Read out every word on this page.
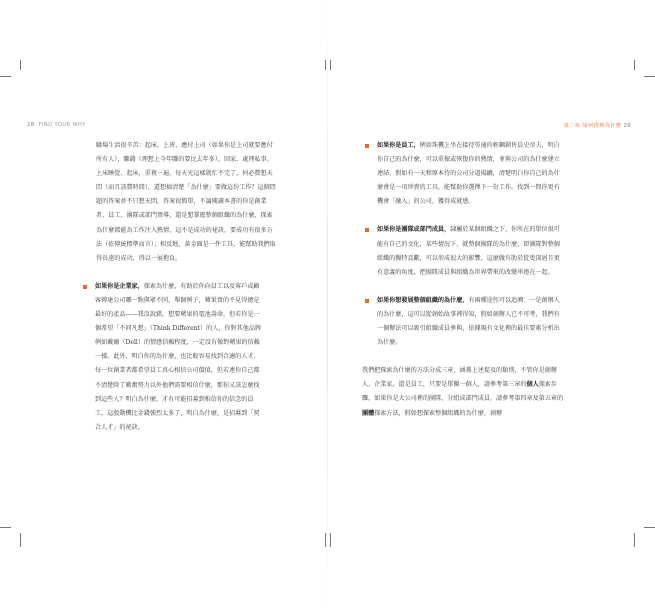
28 FIND YOUR WHY

職場生活很辛苦：起床、上班、應付上司（如果你是上司就要應付所有人），賺錢（理想上今年賺的要比去年多），回家、處理私事、上床睡覺、起床，重複一遍。每天光這樣就忙不完了，何必費想天問（而且該費時間），還想搞清楚「為什麼」要做這份工作？這個問題的答案並不只想天問，答案很簡單，不論閱讀本書的你是創業者、員工、團隊或部門領導，還是想掌握整個組織的為什麼，探索為什麼都能為工作注入熱情，這不是成功的祕訣，要成功有很多方法（依傳統標準而言）；相反地，黃金圈是一件工具，能幫助我們取得長遠的成功，得以一展抱負。

如果你是企業家，探索為什麼，有助於你向員工以及客戶或顧客傳達公司哪一點與眾不同，舉個例子，蘋果賣的不見得總是最好的產品——我沒說錯，想要蘋果的電池壽命，但若你是一個希望「不同凡想」（Think Different）的人，你對其他品牌例如戴爾（Dell）的情感信賴程度，一定沒有像對蘋果的信賴一樣。此外，明白你的為什麼，也比較容易找到合適的人才，每一位創業者都希望員工真心相信公司價值，但若連你自己都不清楚除了勤奮努力以外他們需要相信什麼，那你又該怎麼找到這些人？明白為什麼，才有可能招募到相信你的信念的員工，這股動機比金錢強烈太多了，明白為什麼，是招募到「契合人才」的祕訣。
第二章 如何找到為什麼 29
如果你是員工，例如珠機上坐在接待勞通的輕鋼銷售員史帝夫，明白你自己的為什麼，可以重振或恢復你的熱情，並與公司的為什麼建立連結，假如有一天和原本待的公司分道揚鑣，清楚明白你自己的為什麼會是一項珍貴的工具，能幫助你選擇下一份工作，找到一間你更有機會「融入」的公司，獲得成就感。
如果你是團隊或部門成員，隸屬於某個組織之下，你所在的單位很可能有自己的文化，某些情況下，就整個團隊的為什麼，即團隊對整個組織的獨特貢獻，可以形成很大的影響，這麼做有助於從更深層且更有意義的角度，把團隊成員與組織為世界帶來的改變串連在一起。
如果你想發展整個組織的為什麼，有兩種途徑可以追溯：一是創辦人的為什麼，這可以從創始故事裡得知，假如創辦人已不可考，我們有一個辦法可以吸引組織成員參與，依據現有文化裡的最佳要素分析出為什麼。

我們把探索為什麼的方法分成三章，涵蓋上述提及的類別，不管你是創辦人、企業家，還是員工，只要是單獨一個人，請參考第三章的個人探索步驟。如果你是大公司裡的團隊，分組成部門成員，請參考第四章及第五章的團體探索方法，假如想探索整個組織的為什麼，創辦
